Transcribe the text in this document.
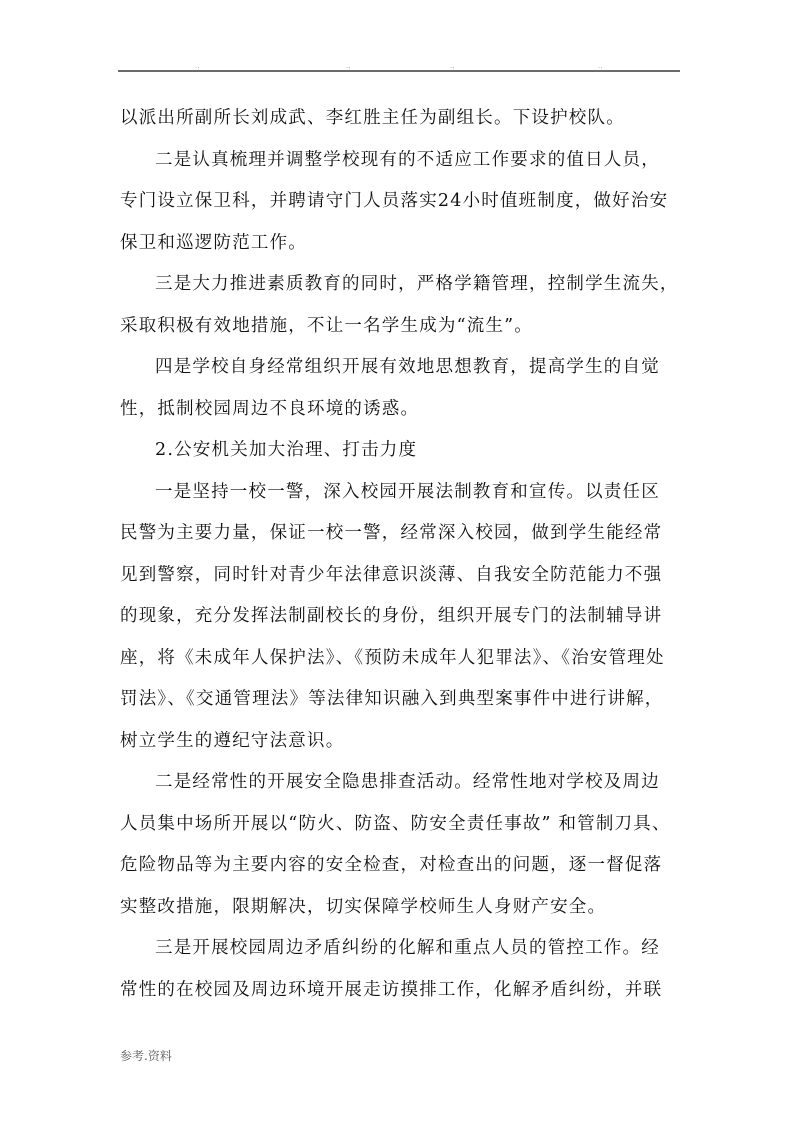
..	..	..	..
以派出所副所长刘成武、李红胜主任为副组长。下设护校队。
二是认真梳理并调整学校现有的不适应工作要求的值日人员，
专门设立保卫科，并聘请守门人员落实24小时值班制度，做好治安
保卫和巡逻防范工作。
三是大力推进素质教育的同时，严格学籍管理，控制学生流失，
采取积极有效地措施，不让一名学生成为“流生”。
四是学校自身经常组织开展有效地思想教育，提高学生的自觉
性，抵制校园周边不良环境的诱惑。
2.公安机关加大治理、打击力度
一是坚持一校一警，深入校园开展法制教育和宣传。以责任区
民警为主要力量，保证一校一警，经常深入校园，做到学生能经常
见到警察，同时针对青少年法律意识淡薄、自我安全防范能力不强
的现象，充分发挥法制副校长的身份，组织开展专门的法制辅导讲
座，将《未成年人保护法》、《预防未成年人犯罪法》、《治安管理处
罚法》、《交通管理法》等法律知识融入到典型案事件中进行讲解，
树立学生的遵纪守法意识。
二是经常性的开展安全隐患排查活动。经常性地对学校及周边
人员集中场所开展以“防火、防盗、防安全责任事故” 和管制刀具、
危险物品等为主要内容的安全检查，对检查出的问题，逐一督促落
实整改措施，限期解决，切实保障学校师生人身财产安全。
三是开展校园周边矛盾纠纷的化解和重点人员的管控工作。经
常性的在校园及周边环境开展走访摸排工作，化解矛盾纠纷，并联
参考.资料
